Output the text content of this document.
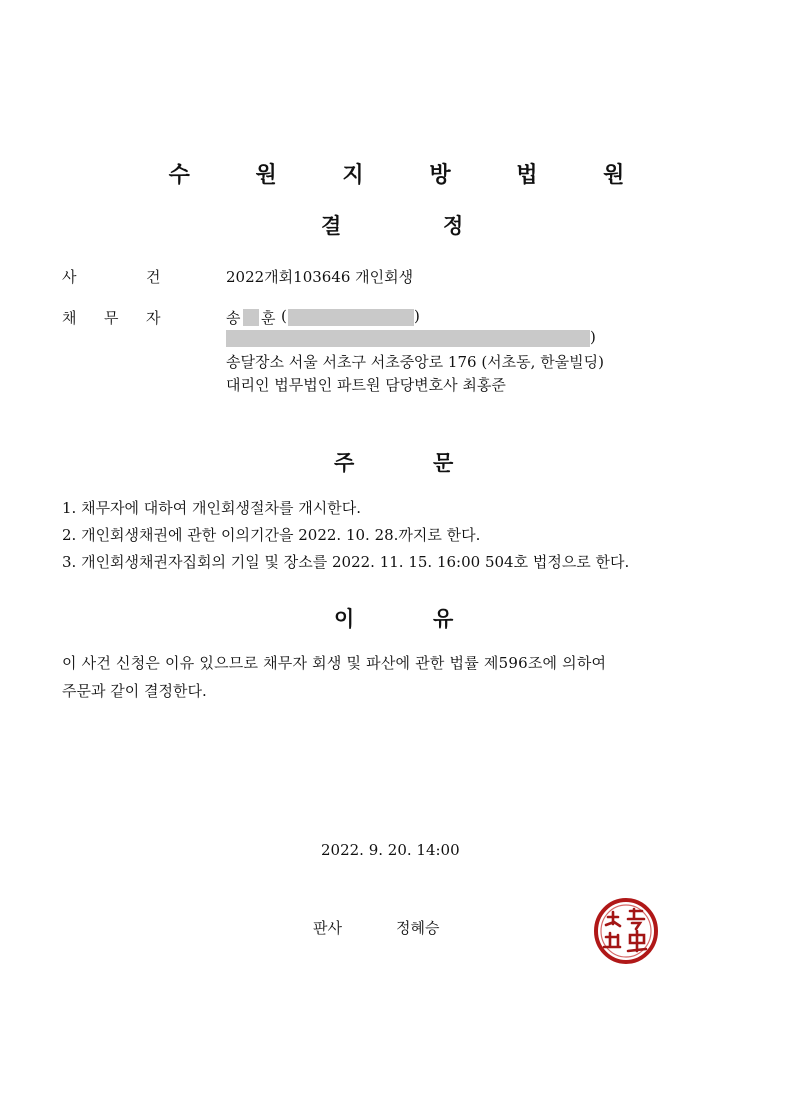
수 원 지 방 법 원
결	정
사	건	2022개회103646 개인회생
채 무 자	송 훈 (	)
)
송달장소 서울 서초구 서초중앙로 176 (서초동, 한울빌딩)
대리인 법무법인 파트원 담당변호사 최홍준
주	문
1. 채무자에 대하여 개인회생절차를 개시한다.
2. 개인회생채권에 관한 이의기간을 2022. 10. 28.까지로 한다.
3. 개인회생채권자집회의 기일 및 장소를 2022. 11. 15. 16:00 504호 법정으로 한다.
이	유
이 사건 신청은 이유 있으므로 채무자 회생 및 파산에 관한 법률 제596조에 의하여
주문과 같이 결정한다.
2022. 9. 20. 14:00
판사	정혜승
